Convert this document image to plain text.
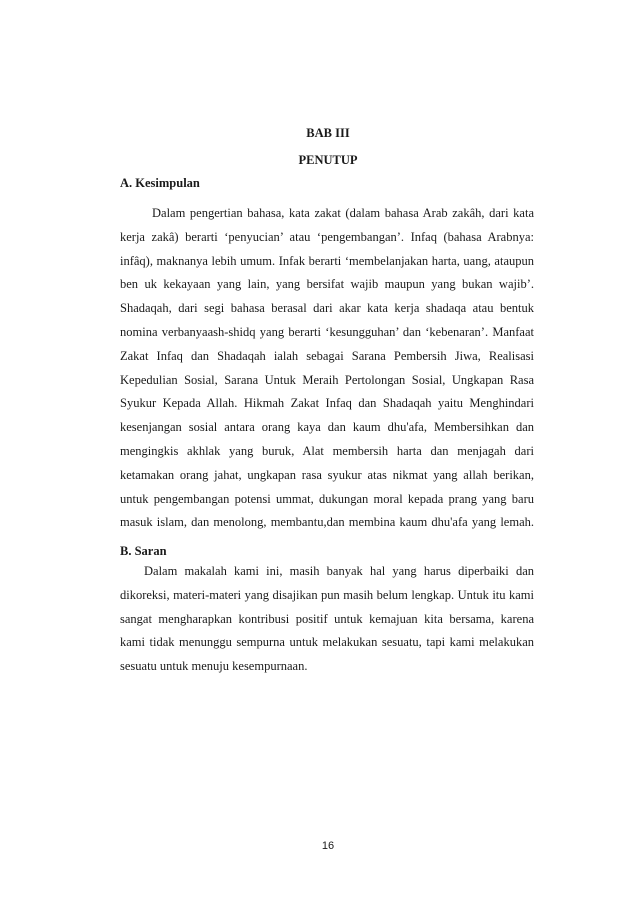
BAB III
PENUTUP
A. Kesimpulan
Dalam pengertian bahasa, kata zakat (dalam bahasa Arab zakâh, dari kata
kerja zakâ) berarti ‘penyucian’ atau ‘pengembangan’. Infaq (bahasa Arabnya:
infâq), maknanya lebih umum. Infak berarti ‘membelanjakan harta, uang, ataupun
ben uk kekayaan yang lain, yang bersifat wajib maupun yang bukan wajib’.
Shadaqah, dari segi bahasa berasal dari akar kata kerja shadaqa atau bentuk
nomina verbanyaash-shidq yang berarti ‘kesungguhan’ dan ‘kebenaran’. Manfaat
Zakat Infaq dan Shadaqah ialah sebagai Sarana Pembersih Jiwa, Realisasi
Kepedulian Sosial, Sarana Untuk Meraih Pertolongan Sosial, Ungkapan Rasa
Syukur Kepada Allah. Hikmah Zakat Infaq dan Shadaqah yaitu Menghindari
kesenjangan sosial antara orang kaya dan kaum dhu'afa, Membersihkan dan
mengingkis akhlak yang buruk, Alat membersih harta dan menjagah dari
ketamakan orang jahat, ungkapan rasa syukur atas nikmat yang allah berikan,
untuk pengembangan potensi ummat, dukungan moral kepada prang yang baru
masuk islam, dan menolong, membantu,dan membina kaum dhu'afa yang lemah.
B. Saran
Dalam makalah kami ini, masih banyak hal yang harus diperbaiki dan
dikoreksi, materi-materi yang disajikan pun masih belum lengkap. Untuk itu kami
sangat mengharapkan kontribusi positif untuk kemajuan kita bersama, karena
kami tidak menunggu sempurna untuk melakukan sesuatu, tapi kami melakukan
sesuatu untuk menuju kesempurnaan.
16
